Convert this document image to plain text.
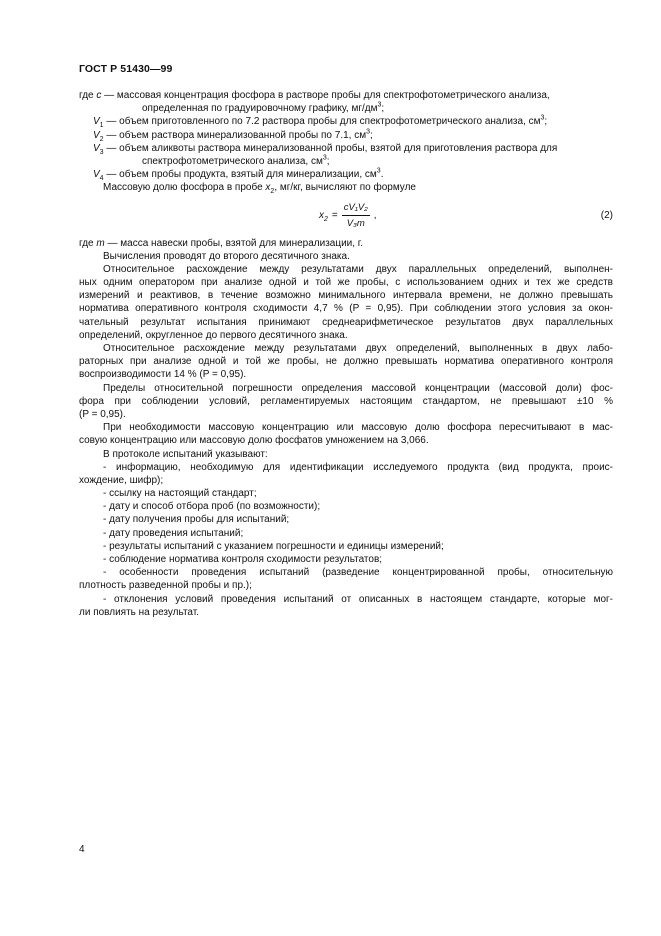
ГОСТ Р 51430—99
где c — массовая концентрация фосфора в растворе пробы для спектрофотометрического анализа,
определенная по градуировочному графику, $мг/дм^3$;
$V_1$ — объем приготовленного по 7.2 раствора пробы для спектрофотометрического анализа, $см^3$;
$V_2$ — объем раствора минерализованной пробы по 7.1, $см^3$;
$V_3$ — объем аликвоты раствора минерализованной пробы, взятой для приготовления раствора для
спектрофотометрического анализа, $см^3$;
$V_4$ — объем пробы продукта, взятый для минерализации, $см^3$.
Массовую долю фосфора в пробе $x_2$, мг/кг, вычисляют по формуле
$x_2 = \frac{\text{cV₁V₂}}{\text{V₃m}}$ ,	(2)
где m — масса навески пробы, взятой для минерализации, г.
Вычисления проводят до второго десятичного знака.
Относительное расхождение между результатами двух параллельных определений, выполнен-
ных одним оператором при анализе одной и той же пробы, с использованием одних и тех же средств
измерений и реактивов, в течение возможно минимального интервала времени, не должно превышать
норматива оперативного контроля сходимости 4,7 % (P = 0,95). При соблюдении этого условия за окон-
чательный результат испытания принимают среднеарифметическое результатов двух параллельных
определений, округленное до первого десятичного знака.
Относительное расхождение между результатами двух определений, выполненных в двух лабо-
раторных при анализе одной и той же пробы, не должно превышать норматива оперативного контроля
воспроизводимости 14 % (P = 0,95).
Пределы относительной погрешности определения массовой концентрации (массовой доли) фос-
фора при соблюдении условий, регламентируемых настоящим стандартом, не превышают ±10 %
(P = 0,95).
При необходимости массовую концентрацию или массовую долю фосфора пересчитывают в мас-
совую концентрацию или массовую долю фосфатов умножением на 3,066.
В протоколе испытаний указывают:
- информацию, необходимую для идентификации исследуемого продукта (вид продукта, проис-
хождение, шифр);
- ссылку на настоящий стандарт;
- дату и способ отбора проб (по возможности);
- дату получения пробы для испытаний;
- дату проведения испытаний;
- результаты испытаний с указанием погрешности и единицы измерений;
- соблюдение норматива контроля сходимости результатов;
- особенности проведения испытаний (разведение концентрированной пробы, относительную
плотность разведенной пробы и пр.);
- отклонения условий проведения испытаний от описанных в настоящем стандарте, которые мог-
ли повлиять на результат.
4
